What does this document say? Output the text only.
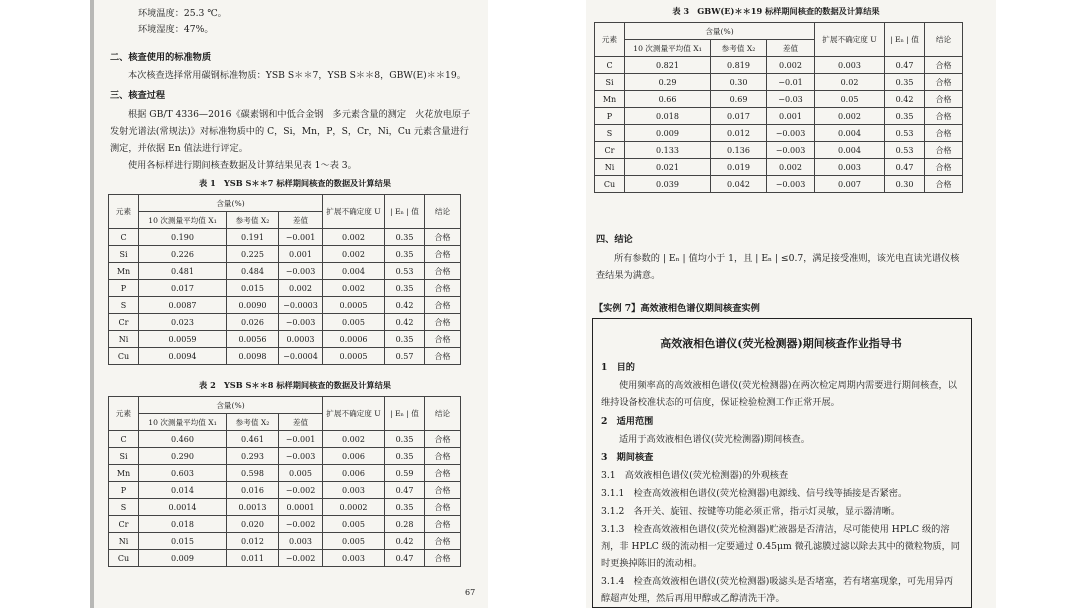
环境温度：25.3 ℃。
环境湿度：47%。
二、核查使用的标准物质
本次核查选择常用碳钢标准物质：YSB S＊＊7，YSB S＊＊8，GBW(E)＊＊19。
三、核查过程
根据 GB/T 4336—2016《碳素钢和中低合金钢　多元素含量的测定　火花放电原子发射光谱法(常规法)》对标准物质中的 C，Si，Mn，P，S，Cr，Ni，Cu 元素含量进行测定，并依据 En 值法进行评定。
使用各标样进行期间核查数据及计算结果见表 1～表 3。
表 1　YSB S＊＊7 标样期间核查的数据及计算结果
元素	含量(%)			扩展不确定度 U	| Eₙ | 值	结论
	10 次测量平均值 X₁	参考值 X₂	差值			
C	0.190	0.191	−0.001	0.002	0.35	合格
Si	0.226	0.225	0.001	0.002	0.35	合格
Mn	0.481	0.484	−0.003	0.004	0.53	合格
P	0.017	0.015	0.002	0.002	0.35	合格
S	0.0087	0.0090	−0.0003	0.0005	0.42	合格
Cr	0.023	0.026	−0.003	0.005	0.42	合格
Ni	0.0059	0.0056	0.0003	0.0006	0.35	合格
Cu	0.0094	0.0098	−0.0004	0.0005	0.57	合格
表 2　YSB S＊＊8 标样期间核查的数据及计算结果
元素	含量(%)			扩展不确定度 U	| Eₙ | 值	结论
	10 次测量平均值 X₁	参考值 X₂	差值			
C	0.460	0.461	−0.001	0.002	0.35	合格
Si	0.290	0.293	−0.003	0.006	0.35	合格
Mn	0.603	0.598	0.005	0.006	0.59	合格
P	0.014	0.016	−0.002	0.003	0.47	合格
S	0.0014	0.0013	0.0001	0.0002	0.35	合格
Cr	0.018	0.020	−0.002	0.005	0.28	合格
Ni	0.015	0.012	0.003	0.005	0.42	合格
Cu	0.009	0.011	−0.002	0.003	0.47	合格
67
表 3　GBW(E)＊＊19 标样期间核查的数据及计算结果
元素	含量(%)			扩展不确定度 U	| Eₙ | 值	结论
	10 次测量平均值 X₁	参考值 X₂	差值			
C	0.821	0.819	0.002	0.003	0.47	合格
Si	0.29	0.30	−0.01	0.02	0.35	合格
Mn	0.66	0.69	−0.03	0.05	0.42	合格
P	0.018	0.017	0.001	0.002	0.35	合格
S	0.009	0.012	−0.003	0.004	0.53	合格
Cr	0.133	0.136	−0.003	0.004	0.53	合格
Ni	0.021	0.019	0.002	0.003	0.47	合格
Cu	0.039	0.042	−0.003	0.007	0.30	合格
四、结论
所有参数的 | Eₙ | 值均小于 1，且 | Eₙ | ≤0.7，满足接受准则，该光电直读光谱仪核查结果为满意。
【实例 7】高效液相色谱仪期间核查实例
高效液相色谱仪(荧光检测器)期间核查作业指导书
1　目的
使用频率高的高效液相色谱仪(荧光检测器)在两次检定周期内需要进行期间核查，以维持设备校准状态的可信度，保证检验检测工作正常开展。
2　适用范围
适用于高效液相色谱仪(荧光检测器)期间核查。
3　期间核查
3.1　高效液相色谱仪(荧光检测器)的外观核查
3.1.1　检查高效液相色谱仪(荧光检测器)电源线、信号线等插接是否紧密。
3.1.2　各开关、旋钮、按键等功能必须正常，指示灯灵敏，显示器清晰。
3.1.3　检查高效液相色谱仪(荧光检测器)贮液器是否清洁，尽可能使用 HPLC 级的溶剂，非 HPLC 级的流动相一定要通过 0.45μm 微孔滤膜过滤以除去其中的微粒物质，同时更换掉陈旧的流动相。
3.1.4　检查高效液相色谱仪(荧光检测器)吸滤头是否堵塞，若有堵塞现象，可先用异丙醇超声处理，然后再用甲醇或乙醇清洗干净。
